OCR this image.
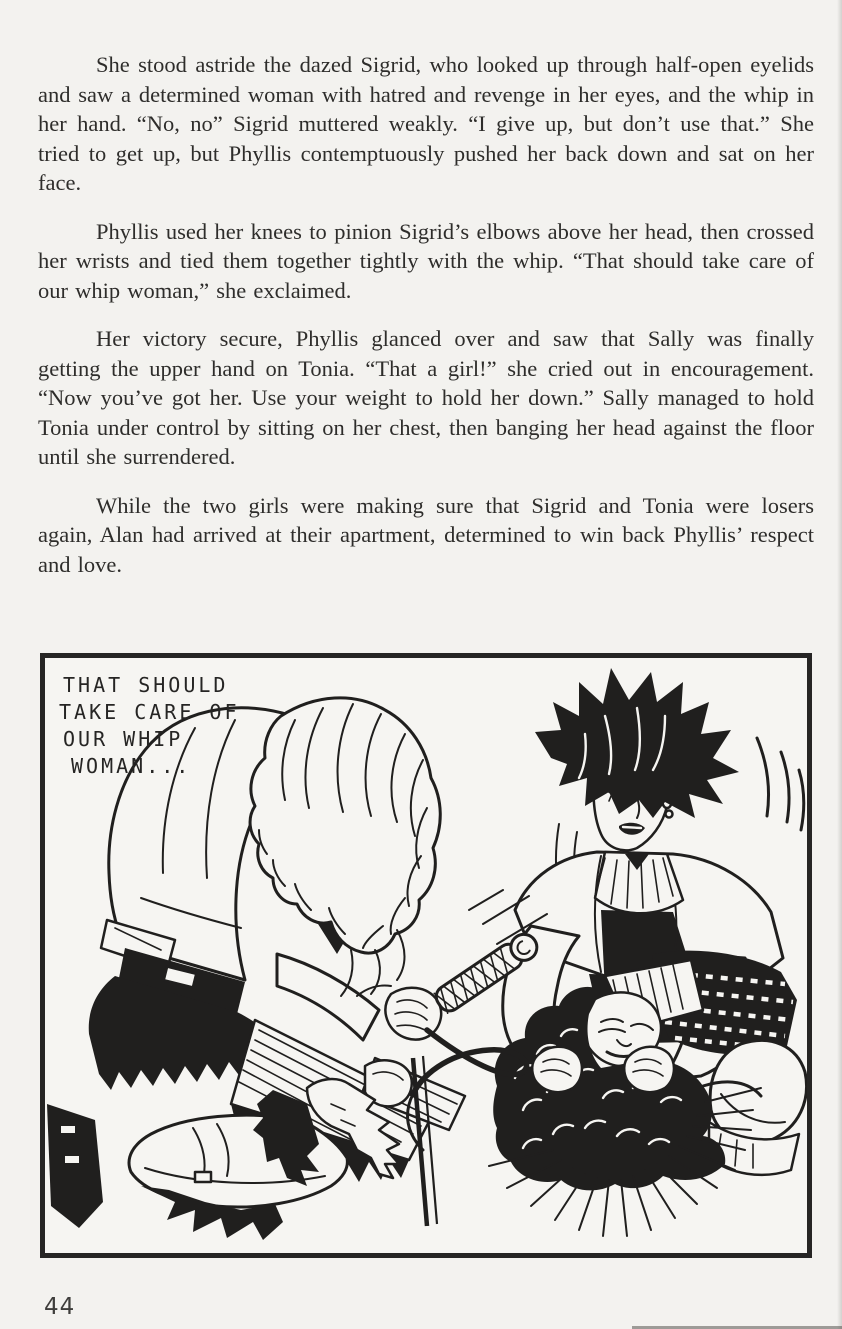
She stood astride the dazed Sigrid, who looked up through half-open eyelids and saw a determined woman with hatred and revenge in her eyes, and the whip in her hand. “No, no” Sigrid muttered weakly. “I give up, but don’t use that.” She tried to get up, but Phyllis contemptuously pushed her back down and sat on her face.

Phyllis used her knees to pinion Sigrid’s elbows above her head, then crossed her wrists and tied them together tightly with the whip. “That should take care of our whip woman,” she exclaimed.

Her victory secure, Phyllis glanced over and saw that Sally was finally getting the upper hand on Tonia. “That a girl!” she cried out in encouragement. “Now you’ve got her. Use your weight to hold her down.” Sally managed to hold Tonia under control by sitting on her chest, then banging her head against the floor until she surrendered.

While the two girls were making sure that Sigrid and Tonia were losers again, Alan had arrived at their apartment, determined to win back Phyllis’ respect and love.

THAT SHOULD
TAKE CARE OF
OUR WHIP
WOMAN...
44
